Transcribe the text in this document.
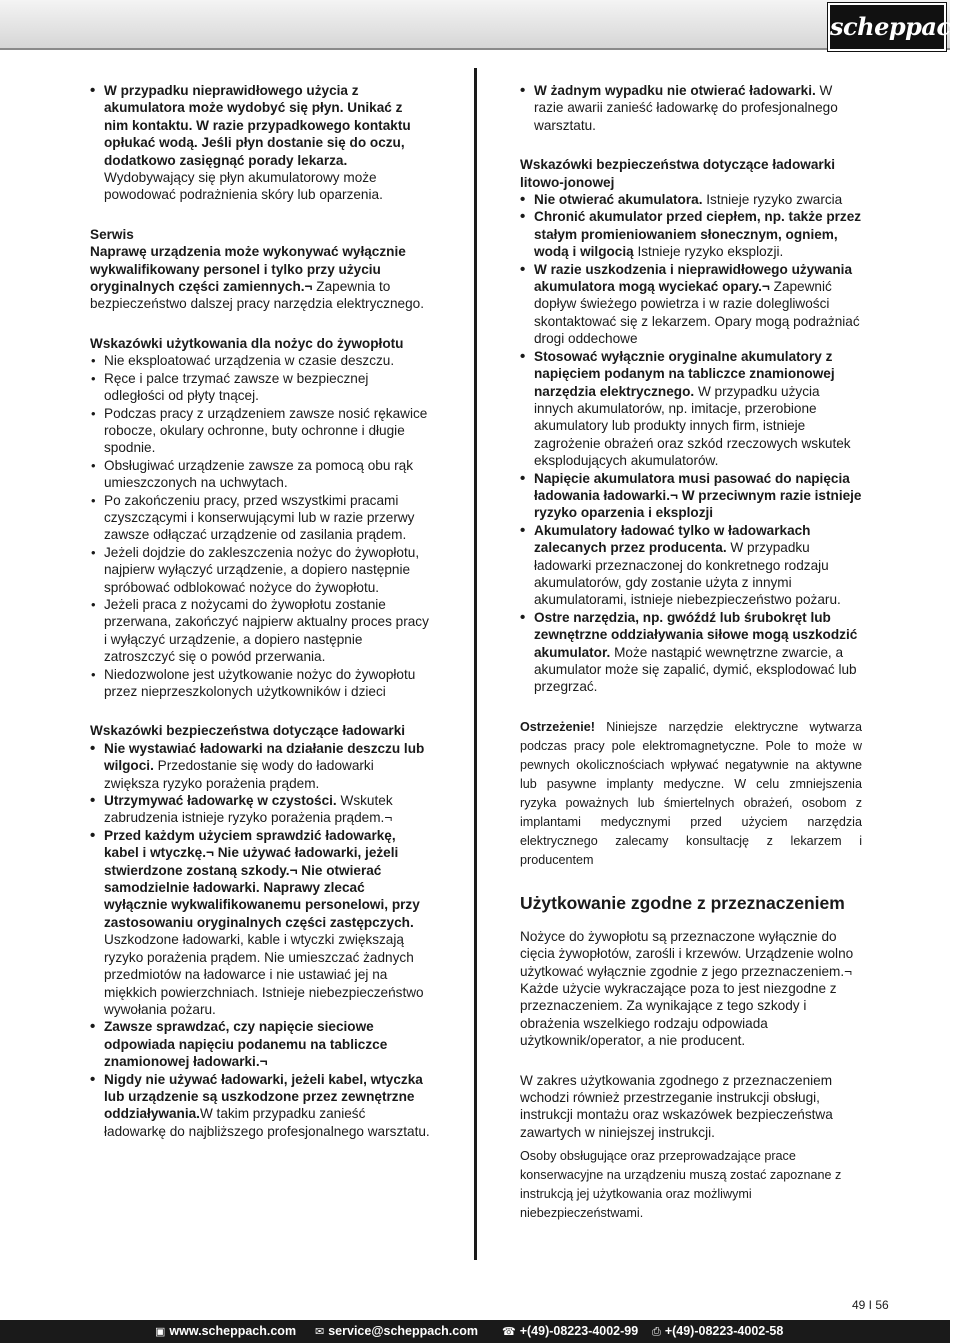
scheppach
• W przypadku nieprawidłowego użycia z akumulatora może wydobyć się płyn. Unikać z nim kontaktu. W razie przypadkowego kontaktu opłukać wodą. Jeśli płyn dostanie się do oczu, dodatkowo zasięgnąć porady lekarza. Wydobywający się płyn akumulatorowy może powodować podrażnienia skóry lub oparzenia.

Serwis

Naprawę urządzenia może wykonywać wyłącznie wykwalifikowany personel i tylko przy użyciu oryginalnych części zamiennych.¬ Zapewnia to bezpieczeństwo dalszej pracy narzędzia elektrycznego.

Wskazówki użytkowania dla nożyc do żywopłotu

• Nie eksploatować urządzenia w czasie deszczu.
• Ręce i palce trzymać zawsze w bezpiecznej odległości od płyty tnącej.
• Podczas pracy z urządzeniem zawsze nosić rękawice robocze, okulary ochronne, buty ochronne i długie spodnie.
• Obsługiwać urządzenie zawsze za pomocą obu rąk umieszczonych na uchwytach.
• Po zakończeniu pracy, przed wszystkimi pracami czyszczącymi i konserwującymi lub w razie przerwy zawsze odłączać urządzenie od zasilania prądem.
• Jeżeli dojdzie do zakleszczenia nożyc do żywopłotu, najpierw wyłączyć urządzenie, a dopiero następnie spróbować odblokować nożyce do żywopłotu.
• Jeżeli praca z nożycami do żywopłotu zostanie przerwana, zakończyć najpierw aktualny proces pracy i wyłączyć urządzenie, a dopiero następnie zatroszczyć się o powód przerwania.
• Niedozwolone jest użytkowanie nożyc do żywopłotu przez nieprzeszkolonych użytkowników i dzieci

Wskazówki bezpieczeństwa dotyczące ładowarki

• Nie wystawiać ładowarki na działanie deszczu lub wilgoci. Przedostanie się wody do ładowarki zwiększa ryzyko porażenia prądem.
• Utrzymywać ładowarkę w czystości. Wskutek zabrudzenia istnieje ryzyko porażenia prądem.¬
• Przed każdym użyciem sprawdzić ładowarkę, kabel i wtyczkę.¬ Nie używać ładowarki, jeżeli stwierdzone zostaną szkody.¬ Nie otwierać samodzielnie ładowarki. Naprawy zlecać wyłącznie wykwalifikowanemu personelowi, przy zastosowaniu oryginalnych części zastępczych. Uszkodzone ładowarki, kable i wtyczki zwiększają ryzyko porażenia prądem. Nie umieszczać żadnych przedmiotów na ładowarce i nie ustawiać jej na miękkich powierzchniach. Istnieje niebezpieczeństwo wywołania pożaru.
• Zawsze sprawdzać, czy napięcie sieciowe odpowiada napięciu podanemu na tabliczce znamionowej ładowarki.¬
• Nigdy nie używać ładowarki, jeżeli kabel, wtyczka lub urządzenie są uszkodzone przez zewnętrzne oddziaływania.W takim przypadku zanieść ładowarkę do najbliższego profesjonalnego warsztatu.
• W żadnym wypadku nie otwierać ładowarki. W razie awarii zanieść ładowarkę do profesjonalnego warsztatu.

Wskazówki bezpieczeństwa dotyczące ładowarki litowo-jonowej

• Nie otwierać akumulatora. Istnieje ryzyko zwarcia
• Chronić akumulator przed ciepłem, np. także przez stałym promieniowaniem słonecznym, ogniem, wodą i wilgocią Istnieje ryzyko eksplozji.
• W razie uszkodzenia i nieprawidłowego używania akumulatora mogą wyciekać opary.¬ Zapewnić dopływ świeżego powietrza i w razie dolegliwości skontaktować się z lekarzem. Opary mogą podrażniać drogi oddechowe
• Stosować wyłącznie oryginalne akumulatory z napięciem podanym na tabliczce znamionowej narzędzia elektrycznego. W przypadku użycia innych akumulatorów, np. imitacje, przerobione akumulatory lub produkty innych firm, istnieje zagrożenie obrażeń oraz szkód rzeczowych wskutek eksplodujących akumulatorów.
• Napięcie akumulatora musi pasować do napięcia ładowania ładowarki.¬ W przeciwnym razie istnieje ryzyko oparzenia i eksplozji
• Akumulatory ładować tylko w ładowarkach zalecanych przez producenta. W przypadku ładowarki przeznaczonej do konkretnego rodzaju akumulatorów, gdy zostanie użyta z innymi akumulatorami, istnieje niebezpieczeństwo pożaru.
• Ostre narzędzia, np. gwóźdź lub śrubokręt lub zewnętrzne oddziaływania siłowe mogą uszkodzić akumulator. Może nastąpić wewnętrzne zwarcie, a akumulator może się zapalić, dymić, eksplodować lub przegrzać.

Ostrzeżenie! Niniejsze narzędzie elektryczne wytwarza podczas pracy pole elektromagnetyczne. Pole to może w pewnych okolicznościach wpływać negatywnie na aktywne lub pasywne implanty medyczne. W celu zmniejszenia ryzyka poważnych lub śmiertelnych obrażeń, osobom z implantami medycznymi przed użyciem narzędzia elektrycznego zalecamy konsultację z lekarzem i producentem

Użytkowanie zgodne z przeznaczeniem

Nożyce do żywopłotu są przeznaczone wyłącznie do cięcia żywopłotów, zarośli i krzewów. Urządzenie wolno użytkować wyłącznie zgodnie z jego przeznaczeniem.¬ Każde użycie wykraczające poza to jest niezgodne z przeznaczeniem. Za wynikające z tego szkody i obrażenia wszelkiego rodzaju odpowiada użytkownik/operator, a nie producent.

W zakres użytkowania zgodnego z przeznaczeniem wchodzi również przestrzeganie instrukcji obsługi, instrukcji montażu oraz wskazówek bezpieczeństwa zawartych w niniejszej instrukcji.

Osoby obsługujące oraz przeprowadzające prace konserwacyjne na urządzeniu muszą zostać zapoznane z instrukcją jej użytkowania oraz możliwymi niebezpieczeństwami.

49 I 56
▣ www.scheppach.com ✉ service@scheppach.com ☎ +(49)-08223-4002-99 ⎙ +(49)-08223-4002-58
